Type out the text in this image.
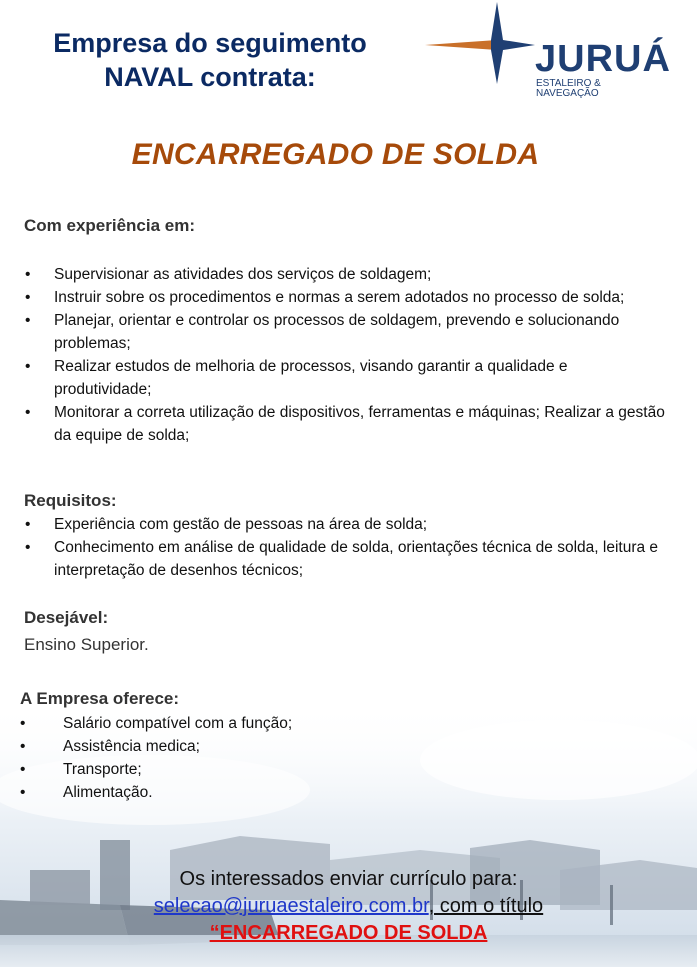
Empresa do seguimento
NAVAL contrata:	JURUÁ
ESTALEIRO &
NAVEGAÇÃO
ENCARREGADO DE SOLDA
Com experiência em:
• Supervisionar as atividades dos serviços de soldagem;
• Instruir sobre os procedimentos e normas a serem adotados no processo de solda;
• Planejar, orientar e controlar os processos de soldagem, prevendo e solucionando problemas;
• Realizar estudos de melhoria de processos, visando garantir a qualidade e produtividade;
• Monitorar a correta utilização de dispositivos, ferramentas e máquinas; Realizar a gestão da equipe de solda;
Requisitos:
• Experiência com gestão de pessoas na área de solda;
• Conhecimento em análise de qualidade de solda, orientações técnica de solda, leitura e interpretação de desenhos técnicos;
Desejável:
Ensino Superior.
A Empresa oferece:
• Salário compatível com a função;
• Assistência medica;
• Transporte;
• Alimentação.
Os interessados enviar currículo para:
selecao@juruaestaleiro.com.br, com o título
“ENCARREGADO DE SOLDA
